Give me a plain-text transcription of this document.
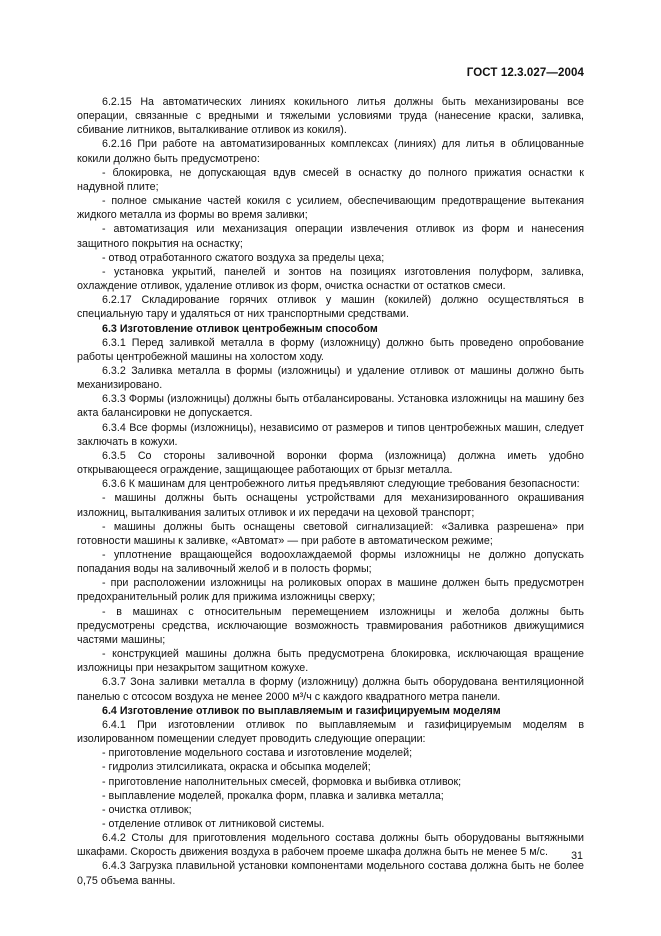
ГОСТ 12.3.027—2004

6.2.15 На автоматических линиях кокильного литья должны быть механизированы все операции, связанные с вредными и тяжелыми условиями труда (нанесение краски, заливка, сбивание литников, выталкивание отливок из кокиля).

6.2.16 При работе на автоматизированных комплексах (линиях) для литья в облицованные кокили должно быть предусмотрено:

- блокировка, не допускающая вдув смесей в оснастку до полного прижатия оснастки к надувной плите;

- полное смыкание частей кокиля с усилием, обеспечивающим предотвращение вытекания жидкого металла из формы во время заливки;

- автоматизация или механизация операции извлечения отливок из форм и нанесения защитного покрытия на оснастку;

- отвод отработанного сжатого воздуха за пределы цеха;

- установка укрытий, панелей и зонтов на позициях изготовления полуформ, заливка, охлаждение отливок, удаление отливок из форм, очистка оснастки от остатков смеси.

6.2.17 Складирование горячих отливок у машин (кокилей) должно осуществляться в специальную тару и удаляться от них транспортными средствами.

6.3 Изготовление отливок центробежным способом

6.3.1 Перед заливкой металла в форму (изложницу) должно быть проведено опробование работы центробежной машины на холостом ходу.

6.3.2 Заливка металла в формы (изложницы) и удаление отливок от машины должно быть механизировано.

6.3.3 Формы (изложницы) должны быть отбалансированы. Установка изложницы на машину без акта балансировки не допускается.

6.3.4 Все формы (изложницы), независимо от размеров и типов центробежных машин, следует заключать в кожухи.

6.3.5 Со стороны заливочной воронки форма (изложница) должна иметь удобно открывающееся ограждение, защищающее работающих от брызг металла.

6.3.6 К машинам для центробежного литья предъявляют следующие требования безопасности:

- машины должны быть оснащены устройствами для механизированного окрашивания изложниц, выталкивания залитых отливок и их передачи на цеховой транспорт;

- машины должны быть оснащены световой сигнализацией: «Заливка разрешена» при готовности машины к заливке, «Автомат» — при работе в автоматическом режиме;

- уплотнение вращающейся водоохлаждаемой формы изложницы не должно допускать попадания воды на заливочный желоб и в полость формы;

- при расположении изложницы на роликовых опорах в машине должен быть предусмотрен предохранительный ролик для прижима изложницы сверху;

- в машинах с относительным перемещением изложницы и желоба должны быть предусмотрены средства, исключающие возможность травмирования работников движущимися частями машины;

- конструкцией машины должна быть предусмотрена блокировка, исключающая вращение изложницы при незакрытом защитном кожухе.

6.3.7 Зона заливки металла в форму (изложницу) должна быть оборудована вентиляционной панелью с отсосом воздуха не менее 2000 м³/ч с каждого квадратного метра панели.

6.4 Изготовление отливок по выплавляемым и газифицируемым моделям

6.4.1 При изготовлении отливок по выплавляемым и газифицируемым моделям в изолированном помещении следует проводить следующие операции:

- приготовление модельного состава и изготовление моделей;

- гидролиз этилсиликата, окраска и обсыпка моделей;

- приготовление наполнительных смесей, формовка и выбивка отливок;

- выплавление моделей, прокалка форм, плавка и заливка металла;

- очистка отливок;

- отделение отливок от литниковой системы.

6.4.2 Столы для приготовления модельного состава должны быть оборудованы вытяжными шкафами. Скорость движения воздуха в рабочем проеме шкафа должна быть не менее 5 м/с.

6.4.3 Загрузка плавильной установки компонентами модельного состава должна быть не более 0,75 объема ванны.

31
